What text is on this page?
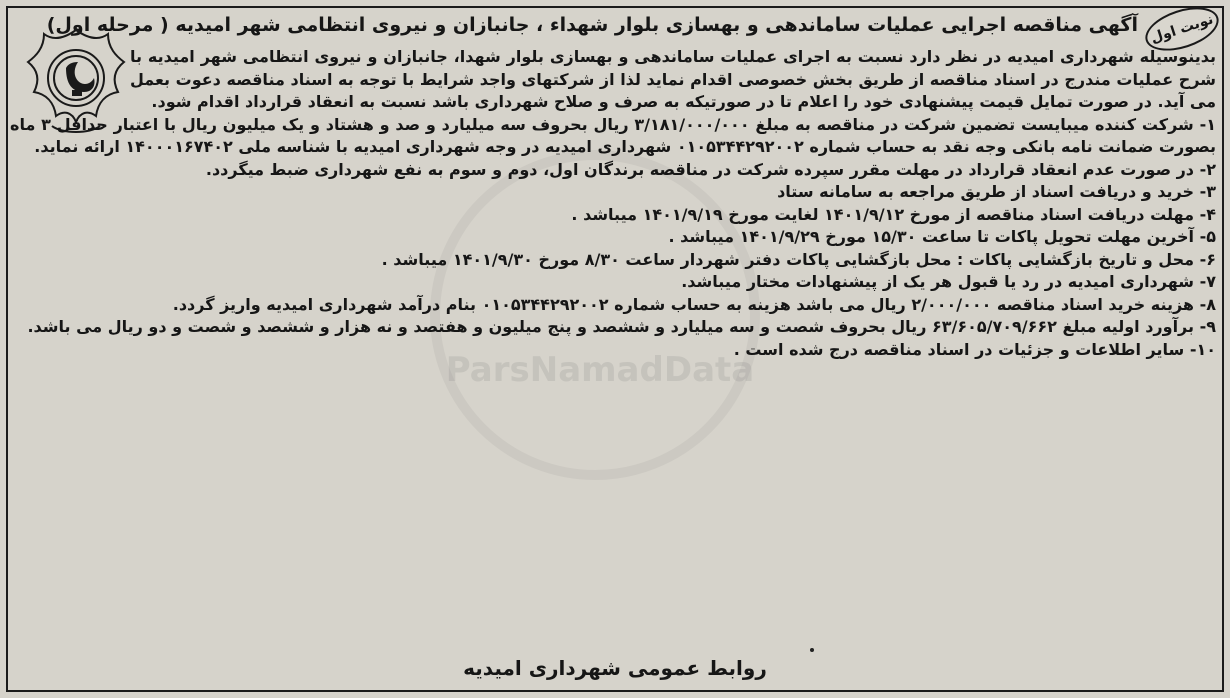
ParsNamadData
آگهی مناقصه اجرایی عملیات ساماندهی و بهسازی بلوار شهداء ، جانبازان و نیروی انتظامی شهر امیدیه ( مرحله اول) نوبت اول

بدینوسیله شهرداری امیدیه در نظر دارد نسبت به اجرای عملیات ساماندهی و بهسازی بلوار شهدا، جانبازان و نیروی انتظامی شهر امیدیه با شرح عملیات مندرج در اسناد مناقصه از طریق بخش خصوصی اقدام نماید لذا از شرکتهای واجد شرایط با توجه به اسناد مناقصه دعوت بعمل می آید. در صورت تمایل قیمت پیشنهادی خود را اعلام تا در صورتیکه به صرف و صلاح شهرداری باشد نسبت به انعقاد قرارداد اقدام شود.

۱- شرکت کننده میبایست تضمین شرکت در مناقصه به مبلغ ۳/۱۸۱/۰۰۰/۰۰۰ ریال بحروف سه میلیارد و صد و هشتاد و یک میلیون ریال با اعتبار حداقل ۳ ماه بصورت ضمانت نامه بانکی وجه نقد به حساب شماره ۰۱۰۵۳۴۴۲۹۲۰۰۲ شهرداری امیدیه در وجه شهرداری امیدیه با شناسه ملی ۱۴۰۰۰۱۶۷۴۰۲ ارائه نماید.

۲- در صورت عدم انعقاد قرارداد در مهلت مقرر سپرده شرکت در مناقصه برندگان اول، دوم و سوم به نفع شهرداری ضبط میگردد.

۳- خرید و دریافت اسناد از طریق مراجعه به سامانه ستاد

۴- مهلت دریافت اسناد مناقصه از مورخ ۱۴۰۱/۹/۱۲ لغایت مورخ ۱۴۰۱/۹/۱۹ میباشد .

۵- آخرین مهلت تحویل پاکات تا ساعت ۱۵/۳۰ مورخ ۱۴۰۱/۹/۲۹ میباشد .

۶- محل و تاریخ بازگشایی پاکات : محل بازگشایی پاکات دفتر شهردار ساعت ۸/۳۰ مورخ ۱۴۰۱/۹/۳۰ میباشد .

۷- شهرداری امیدیه در رد یا قبول هر یک از پیشنهادات مختار میباشد.

۸- هزینه خرید اسناد مناقصه ۲/۰۰۰/۰۰۰ ریال می باشد هزینه به حساب شماره ۰۱۰۵۳۴۴۲۹۲۰۰۲ بنام درآمد شهرداری امیدیه واریز گردد.

۹- برآورد اولیه مبلغ ۶۳/۶۰۵/۷۰۹/۶۶۲ ریال بحروف شصت و سه میلیارد و ششصد و پنج میلیون و هفتصد و نه هزار و ششصد و شصت و دو ریال می باشد.

۱۰- سایر اطلاعات و جزئیات در اسناد مناقصه درج شده است .

روابط عمومی شهرداری امیدیه
